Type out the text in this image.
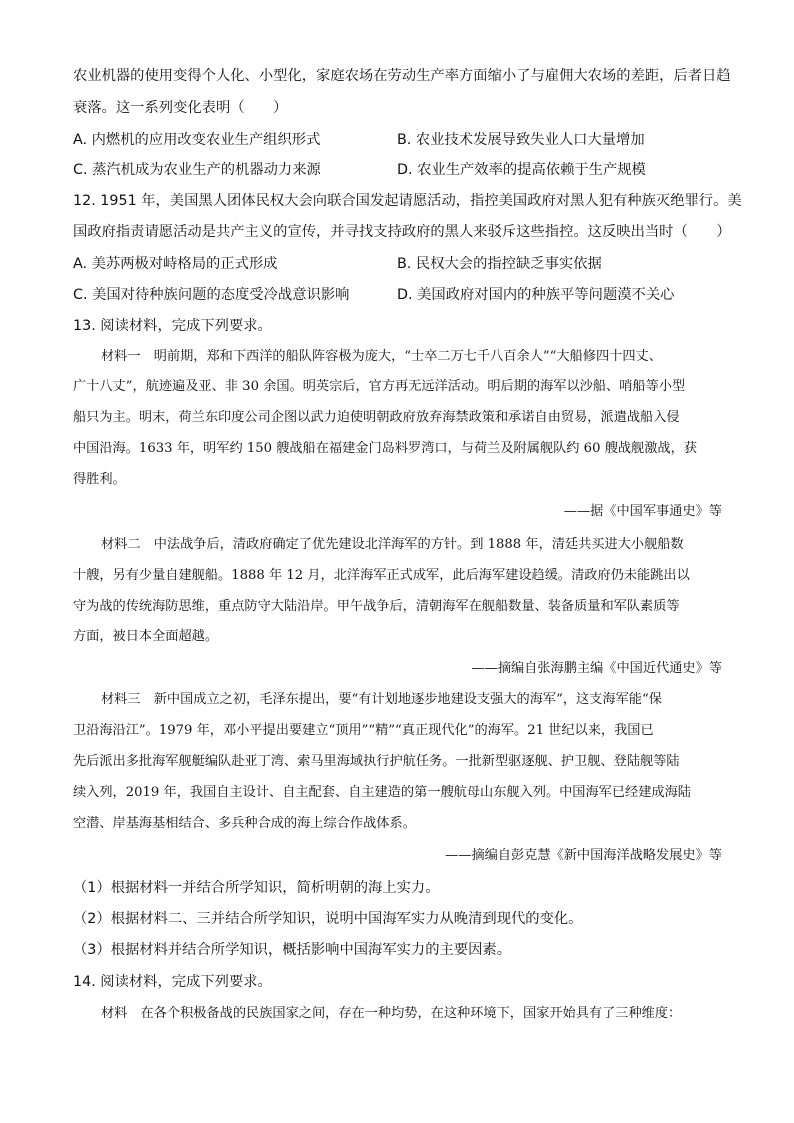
农业机器的使用变得个人化、小型化，家庭农场在劳动生产率方面缩小了与雇佣大农场的差距，后者日趋
衰落。这一系列变化表明（　　）
A. 内燃机的应用改变农业生产组织形式	B. 农业技术发展导致失业人口大量增加
C. 蒸汽机成为农业生产的机器动力来源	D. 农业生产效率的提高依赖于生产规模
12. 1951 年，美国黑人团体民权大会向联合国发起请愿活动，指控美国政府对黑人犯有种族灭绝罪行。美
国政府指责请愿活动是共产主义的宣传，并寻找支持政府的黑人来驳斥这些指控。这反映出当时（　　）
A. 美苏两极对峙格局的正式形成	B. 民权大会的指控缺乏事实依据
C. 美国对待种族问题的态度受冷战意识影响	D. 美国政府对国内的种族平等问题漠不关心
13. 阅读材料，完成下列要求。
材料一　明前期，郑和下西洋的船队阵容极为庞大，“士卒二万七千八百余人”“大船修四十四丈、
广十八丈”，航迹遍及亚、非 30 余国。明英宗后，官方再无远洋活动。明后期的海军以沙船、哨船等小型
船只为主。明末，荷兰东印度公司企图以武力迫使明朝政府放弃海禁政策和承诺自由贸易，派遣战船入侵
中国沿海。1633 年，明军约 150 艘战船在福建金门岛料罗湾口，与荷兰及附属舰队约 60 艘战舰激战，获
得胜利。
——据《中国军事通史》等
材料二　中法战争后，清政府确定了优先建设北洋海军的方针。到 1888 年，清廷共买进大小舰船数
十艘，另有少量自建舰船。1888 年 12 月，北洋海军正式成军，此后海军建设趋缓。清政府仍未能跳出以
守为战的传统海防思维，重点防守大陆沿岸。甲午战争后，清朝海军在舰船数量、装备质量和军队素质等
方面，被日本全面超越。
——摘编自张海鹏主编《中国近代通史》等
材料三　新中国成立之初，毛泽东提出，要“有计划地逐步地建设支强大的海军”，这支海军能“保
卫沿海沿江”。1979 年，邓小平提出要建立“顶用”“精”“真正现代化”的海军。21 世纪以来，我国已
先后派出多批海军舰艇编队赴亚丁湾、索马里海域执行护航任务。一批新型驱逐舰、护卫舰、登陆舰等陆
续入列，2019 年，我国自主设计、自主配套、自主建造的第一艘航母山东舰入列。中国海军已经建成海陆
空潜、岸基海基相结合、多兵种合成的海上综合作战体系。
——摘编自彭克慧《新中国海洋战略发展史》等
（1）根据材料一并结合所学知识，简析明朝的海上实力。
（2）根据材料二、三并结合所学知识，说明中国海军实力从晚清到现代的变化。
（3）根据材料并结合所学知识，概括影响中国海军实力的主要因素。
14. 阅读材料，完成下列要求。
材料　在各个积极备战的民族国家之间，存在一种均势，在这种环境下，国家开始具有了三种维度：
